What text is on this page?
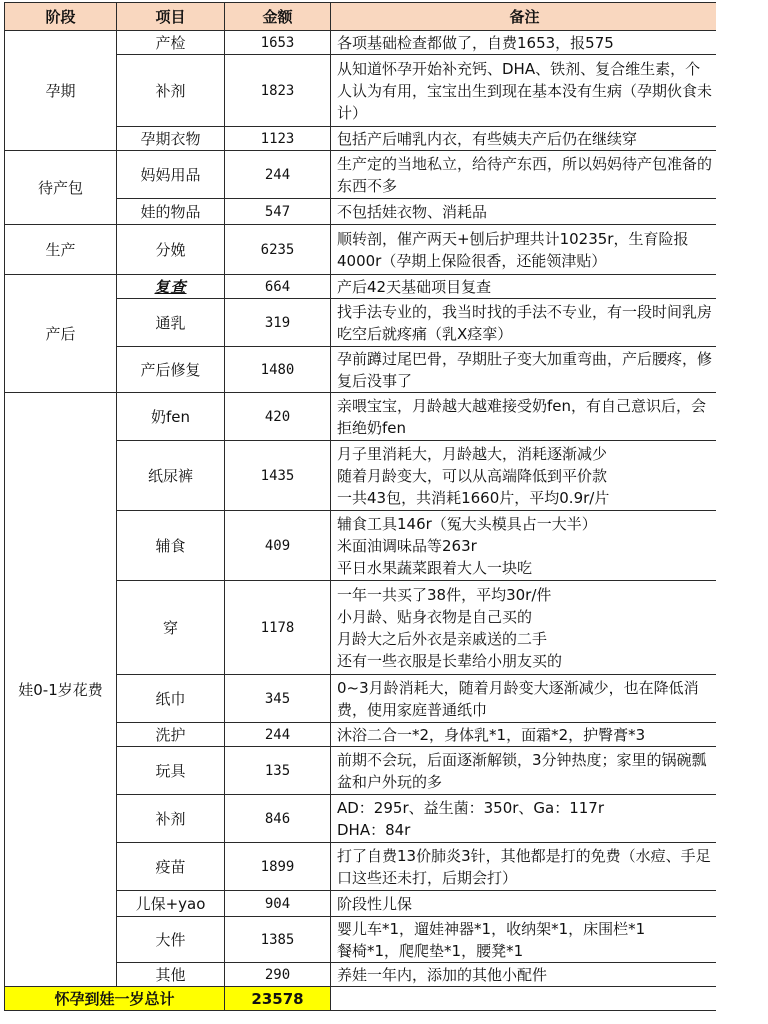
阶段	项目	金额	备注
孕期	产检	1653	各项基础检查都做了，自费1653，报575

	补剂	1823	从知道怀孕开始补充钙、DHA、铁剂、复合维生素，个人认为有用，宝宝出生到现在基本没有生病（孕期伙食未计）

	孕期衣物	1123	包括产后哺乳内衣，有些姨夫产后仍在继续穿

待产包	妈妈用品	244	生产定的当地私立，给待产东西，所以妈妈待产包准备的东西不多

	娃的物品	547	不包括娃衣物、消耗品

生产	分娩	6235	顺转剖，催产两天+刨后护理共计10235r，生育险报4000r（孕期上保险很香，还能领津贴）

产后	复查	664	产后42天基础项目复查

	通乳	319	找手法专业的，我当时找的手法不专业，有一段时间乳房吃空后就疼痛（乳X痉挛）

	产后修复	1480	孕前蹲过尾巴骨，孕期肚子变大加重弯曲，产后腰疼，修复后没事了

娃0-1岁花费	奶fen	420	亲喂宝宝，月龄越大越难接受奶fen，有自己意识后，会拒绝奶fen

	纸尿裤	1435	月子里消耗大，月龄越大，消耗逐渐减少
随着月龄变大，可以从高端降低到平价款
一共43包，共消耗1660片，平均0.9r/片

	辅食	409	辅食工具146r（冤大头模具占一大半）
米面油调味品等263r
平日水果蔬菜跟着大人一块吃

	穿	1178	一年一共买了38件，平均30r/件
小月龄、贴身衣物是自己买的
月龄大之后外衣是亲戚送的二手
还有一些衣服是长辈给小朋友买的

	纸巾	345	0~3月龄消耗大，随着月龄变大逐渐减少，也在降低消费，使用家庭普通纸巾

	洗护	244	沐浴二合一*2，身体乳*1，面霜*2，护臀膏*3

	玩具	135	前期不会玩，后面逐渐解锁，3分钟热度；家里的锅碗瓢盆和户外玩的多

	补剂	846	AD：295r、益生菌：350r、Ga：117r
DHA：84r

	疫苗	1899	打了自费13价肺炎3针，其他都是打的免费（水痘、手足口这些还未打，后期会打）

	儿保+yao	904	阶段性儿保

	大件	1385	婴儿车*1，遛娃神器*1，收纳架*1，床围栏*1
餐椅*1，爬爬垫*1，腰凳*1

	其他	290	养娃一年内，添加的其他小配件

怀孕到娃一岁总计		23578	
